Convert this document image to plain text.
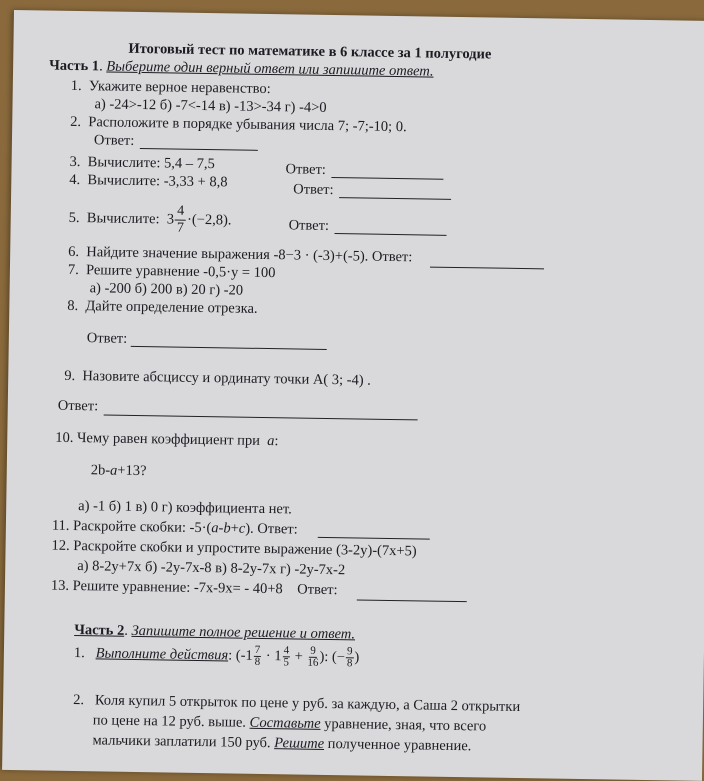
Итоговый тест по математике в 6 классе за 1 полугодие
Часть 1. Выберите один верный ответ или запишите ответ.
1. Укажите верное неравенство:
а) -24>-12 б) -7<-14 в) -13>-34 г) -4>0
2. Расположите в порядке убывания числа 7; -7;-10; 0.
Ответ:
3. Вычислите: 5,4 – 7,5	Ответ:
4. Вычислите: -3,33 + 8,8	Ответ:
5. Вычислите: $3 \frac{4}{7} \cdot(-2,8)$.	Ответ:
6. Найдите значение выражения -8−3 · (-3)+(-5). Ответ:
7. Решите уравнение -0,5·у = 100
а) -200 б) 200 в) 20 г) -20
8. Дайте определение отрезка.
Ответ:
9. Назовите абсциссу и ординату точки А( 3; -4) .
Ответ:
10. Чему равен коэффициент при а:
2b-а+13?
а) -1 б) 1 в) 0 г) коэффициента нет.
11. Раскройте скобки: -5·(а-b+с). Ответ:
12. Раскройте скобки и упростите выражение (3-2у)-(7х+5)
а) 8-2у+7х б) -2у-7х-8 в) 8-2у-7х г) -2у-7х-2
13. Решите уравнение: -7х-9х= - 40+8 Ответ:
Часть 2. Запишите полное решение и ответ.
1. Выполните действия: ($-1 \frac{7}{8} \cdot 1 \frac{4}{5} + \frac{9}{16}$ ): (− $\frac{9}{8}$ )
2. Коля купил 5 открыток по цене у руб. за каждую, а Саша 2 открытки
по цене на 12 руб. выше. Составьте уравнение, зная, что всего
мальчики заплатили 150 руб. Решите полученное уравнение.
